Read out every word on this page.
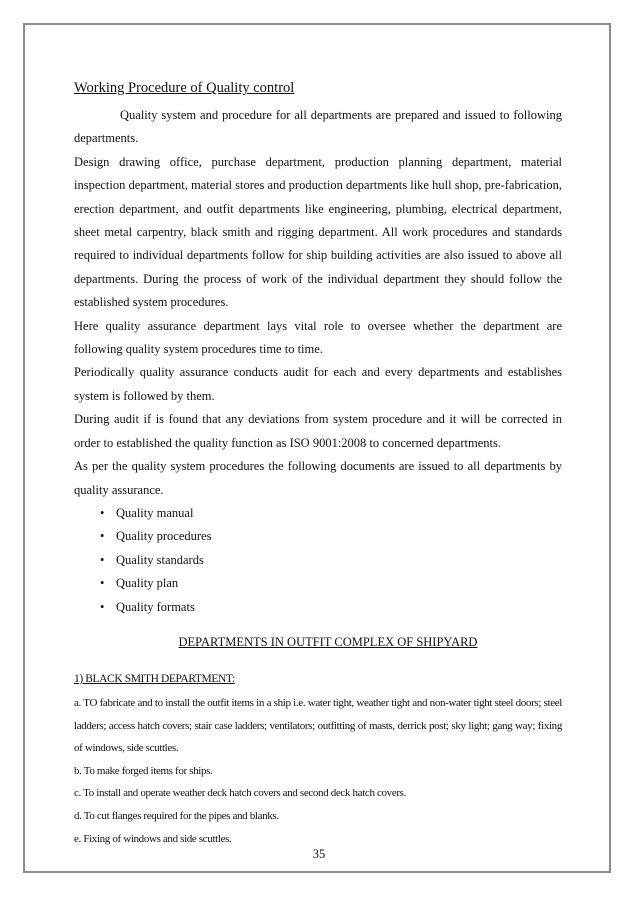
Working Procedure of Quality control

Quality system and procedure for all departments are prepared and issued to following departments.

Design drawing office, purchase department, production planning department, material inspection department, material stores and production departments like hull shop, pre-fabrication, erection department, and outfit departments like engineering, plumbing, electrical department, sheet metal carpentry, black smith and rigging department. All work procedures and standards required to individual departments follow for ship building activities are also issued to above all departments. During the process of work of the individual department they should follow the established system procedures.

Here quality assurance department lays vital role to oversee whether the department are following quality system procedures time to time.

Periodically quality assurance conducts audit for each and every departments and establishes system is followed by them.

During audit if is found that any deviations from system procedure and it will be corrected in order to established the quality function as ISO 9001:2008 to concerned departments.

As per the quality system procedures the following documents are issued to all departments by quality assurance.

• Quality manual
• Quality procedures
• Quality standards
• Quality plan
• Quality formats
DEPARTMENTS IN OUTFIT COMPLEX OF SHIPYARD
1) BLACK SMITH DEPARTMENT:

a. TO fabricate and to install the outfit items in a ship i.e. water tight, weather tight and non-water tight steel doors; steel ladders; access hatch covers; stair case ladders; ventilators; outfitting of masts, derrick post; sky light; gang way; fixing of windows, side scuttles.

b. To make forged items for ships.

c. To install and operate weather deck hatch covers and second deck hatch covers.

d. To cut flanges required for the pipes and blanks.

e. Fixing of windows and side scuttles.

35
